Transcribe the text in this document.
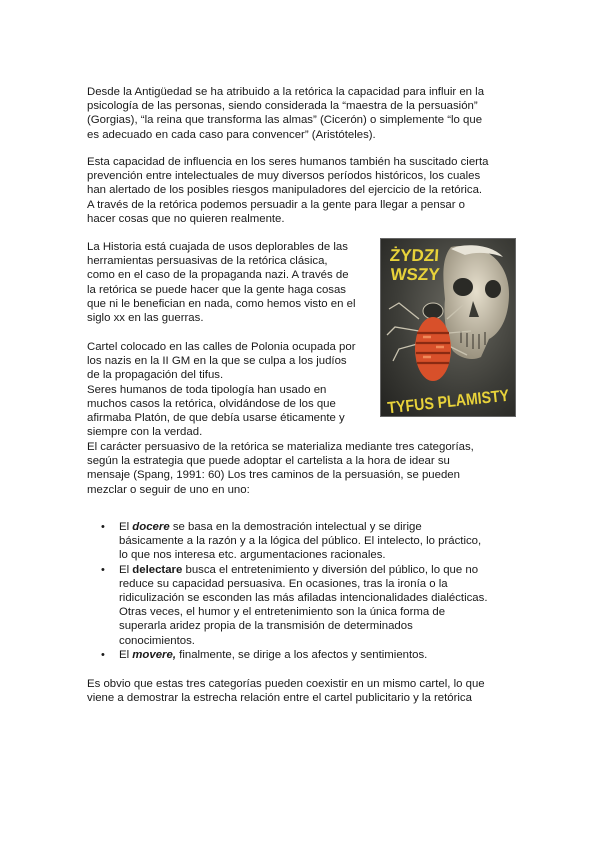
Desde la Antigüedad se ha atribuido a la retórica la capacidad para influir en la
psicología de las personas, siendo considerada la “maestra de la persuasión”
(Gorgias), “la reina que transforma las almas” (Cicerón) o simplemente “lo que
es adecuado en cada caso para convencer” (Aristóteles).

Esta capacidad de influencia en los seres humanos también ha suscitado cierta
prevención entre intelectuales de muy diversos períodos históricos, los cuales
han alertado de los posibles riesgos manipuladores del ejercicio de la retórica.
A través de la retórica podemos persuadir a la gente para llegar a pensar o
hacer cosas que no quieren realmente.

La Historia está cuajada de usos deplorables de las
herramientas persuasivas de la retórica clásica,
como en el caso de la propaganda nazi. A través de
la retórica se puede hacer que la gente haga cosas
que ni le benefician en nada, como hemos visto en el
siglo xx en las guerras.

Cartel colocado en las calles de Polonia ocupada por
los nazis en la II GM en la que se culpa a los judíos
de la propagación del tifus.
Seres humanos de toda tipología han usado en
muchos casos la retórica, olvidándose de los que
afirmaba Platón, de que debía usarse éticamente y
siempre con la verdad.

ŻYDZI
WSZY
TYFUS PLAMISTY

El carácter persuasivo de la retórica se materializa mediante tres categorías,
según la estrategia que puede adoptar el cartelista a la hora de idear su
mensaje (Spang, 1991: 60) Los tres caminos de la persuasión, se pueden
mezclar o seguir de uno en uno:

• El docere se basa en la demostración intelectual y se dirige
básicamente a la razón y a la lógica del público. El intelecto, lo práctico,
lo que nos interesa etc. argumentaciones racionales.
• El delectare busca el entretenimiento y diversión del público, lo que no
reduce su capacidad persuasiva. En ocasiones, tras la ironía o la
ridiculización se esconden las más afiladas intencionalidades dialécticas.
Otras veces, el humor y el entretenimiento son la única forma de
superarla aridez propia de la transmisión de determinados
conocimientos.
• El movere, finalmente, se dirige a los afectos y sentimientos.

Es obvio que estas tres categorías pueden coexistir en un mismo cartel, lo que
viene a demostrar la estrecha relación entre el cartel publicitario y la retórica
